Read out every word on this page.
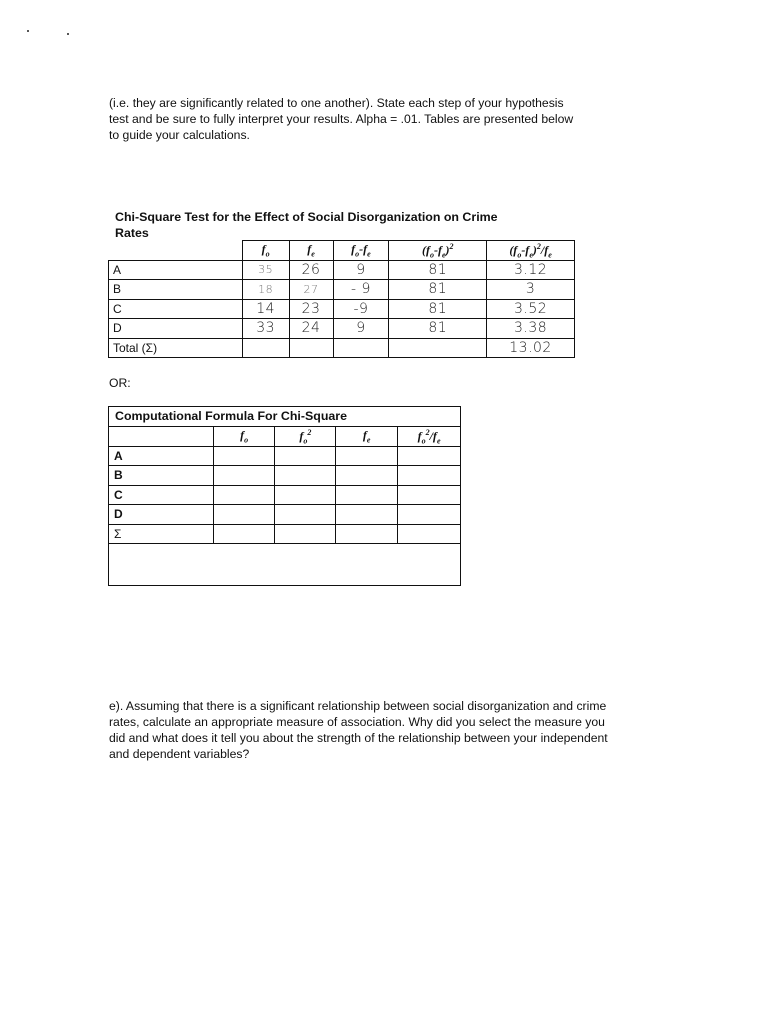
(i.e. they are significantly related to one another). State each step of your hypothesis
test and be sure to fully interpret your results. Alpha = .01. Tables are presented below
to guide your calculations.
Chi-Square Test for the Effect of Social Disorganization on Crime
Rates
	$f_o$	$f_e$	$f_o-f_e$	$(f_o-f_e)^2$	$(f_o-f_e)^2/f_e$
A	35	26	9	81	3.12
B	18	27	- 9	81	3
C	14	23	-9	81	3.52
D	33	24	9	81	3.38
Total (Σ)					13.02
OR:
Computational Formula For Chi-Square
	$f_o$	$f_o^2$	$f_e$	$f_o^2/f_e$
A				
B				
C				
D				
Σ				
e). Assuming that there is a significant relationship between social disorganization and crime
rates, calculate an appropriate measure of association. Why did you select the measure you
did and what does it tell you about the strength of the relationship between your independent
and dependent variables?
